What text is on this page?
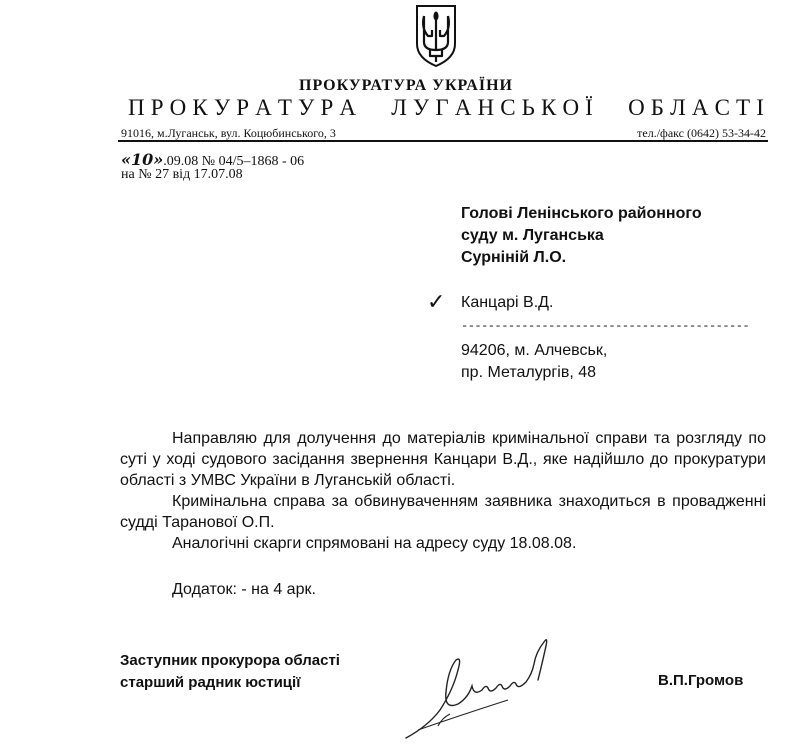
ПРОКУРАТУРА УКРАЇНИ
П Р О К У Р А Т У Р А
  Л У Г А Н С Ь К О Ї
  О Б Л А С Т І
91016, м.Луганськ, вул. Коцюбинського, 3	тел./факс (0642) 53-34-42
«10».09.08 № 04/5–1868 - 06
на № 27 від 17.07.08
Голові Ленінського районного
суду м. Луганська
Сурніній Л.О.
✓ Канцарі В.Д.
-------------------------------------------
94206, м. Алчевськ,
пр. Металургів, 48

Направляю для долучення до матеріалів кримінальної справи та розгляду по суті у ході судового засідання звернення Канцари В.Д., яке надійшло до прокуратури області з УМВС України в Луганській області.

Кримінальна справа за обвинуваченням заявника знаходиться в провадженні судді Таранової О.П.

Аналогічні скарги спрямовані на адресу суду 18.08.08.

Додаток: - на 4 арк.
Заступник прокурора області
старший радник юстиції	В.П.Громов
